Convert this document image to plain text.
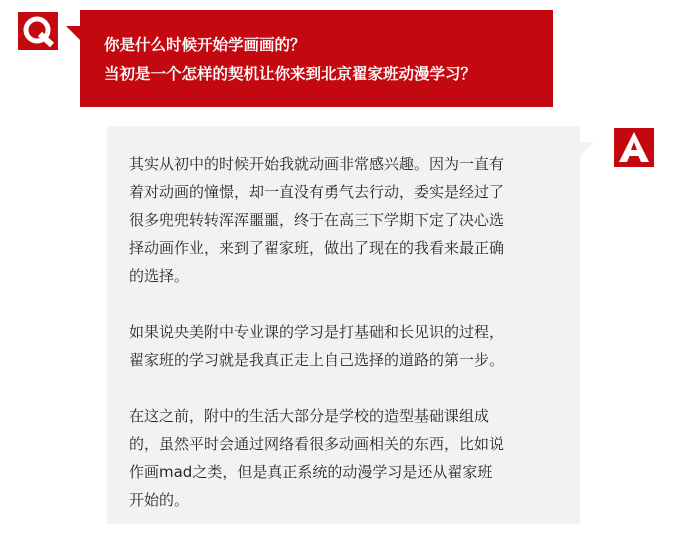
你是什么时候开始学画画的？
当初是一个怎样的契机让你来到北京翟家班动漫学习？
其实从初中的时候开始我就动画非常感兴趣。因为一直有
着对动画的憧憬，却一直没有勇气去行动，委实是经过了
很多兜兜转转浑浑噩噩，终于在高三下学期下定了决心选
择动画作业，来到了翟家班，做出了现在的我看来最正确
的选择。
如果说央美附中专业课的学习是打基础和长见识的过程，
翟家班的学习就是我真正走上自己选择的道路的第一步。
在这之前，附中的生活大部分是学校的造型基础课组成
的，虽然平时会通过网络看很多动画相关的东西，比如说
作画mad之类，但是真正系统的动漫学习是还从翟家班
开始的。
